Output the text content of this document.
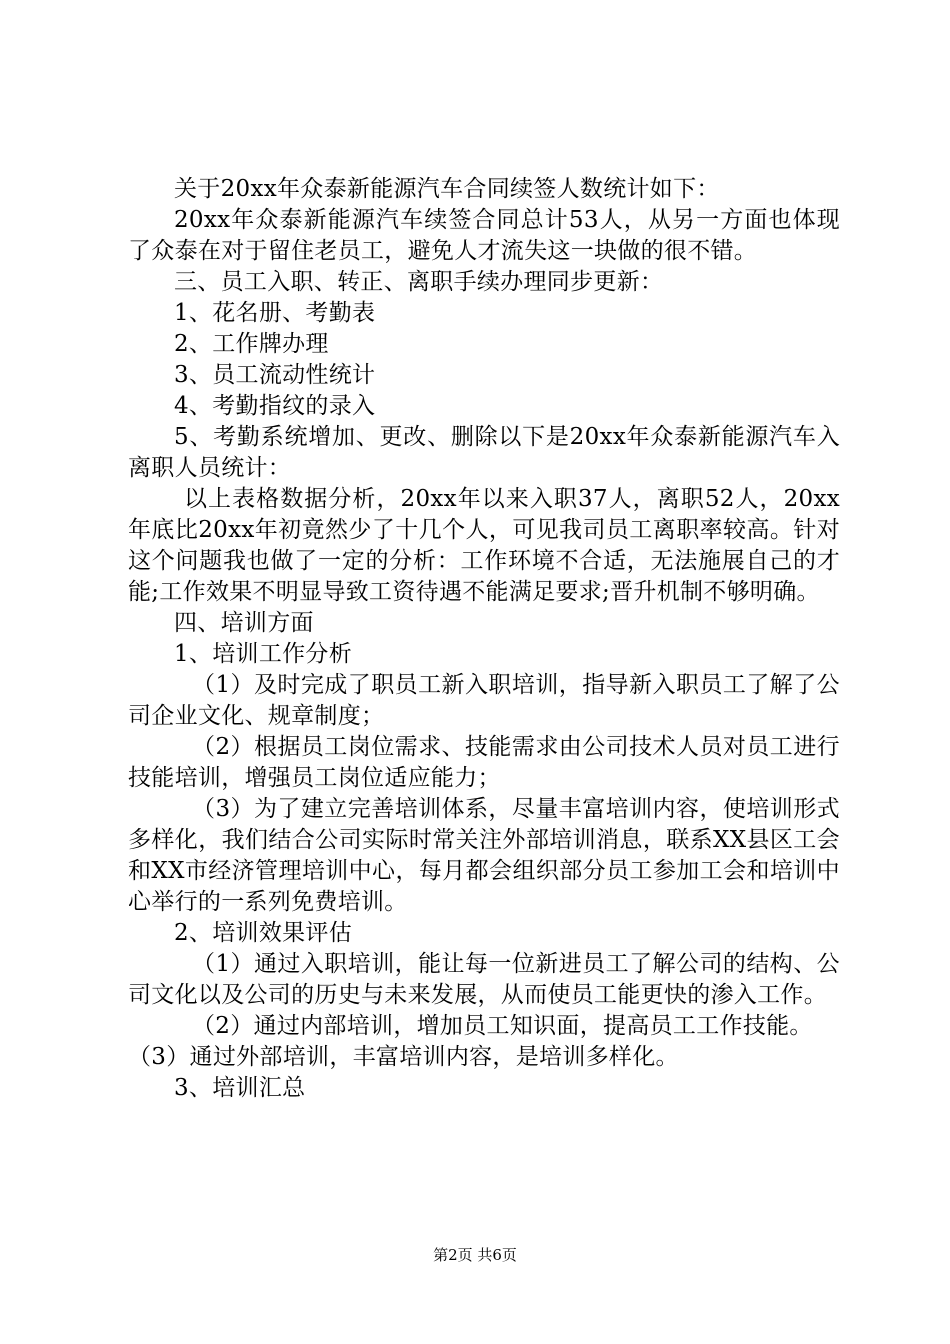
关于20xx年众泰新能源汽车合同续签人数统计如下：

20xx年众泰新能源汽车续签合同总计53人，从另一方面也体现了众泰在对于留住老员工，避免人才流失这一块做的很不错。

三、员工入职、转正、离职手续办理同步更新：

1、花名册、考勤表

2、工作牌办理

3、员工流动性统计

4、考勤指纹的录入

5、考勤系统增加、更改、删除以下是20xx年众泰新能源汽车入离职人员统计：

以上表格数据分析，20xx年以来入职37人，离职52人，20xx年底比20xx年初竟然少了十几个人，可见我司员工离职率较高。针对这个问题我也做了一定的分析：工作环境不合适，无法施展自己的才能;工作效果不明显导致工资待遇不能满足要求;晋升机制不够明确。

四、培训方面

1、培训工作分析

（1）及时完成了职员工新入职培训，指导新入职员工了解了公司企业文化、规章制度；

（2）根据员工岗位需求、技能需求由公司技术人员对员工进行技能培训，增强员工岗位适应能力；

（3）为了建立完善培训体系，尽量丰富培训内容，使培训形式多样化，我们结合公司实际时常关注外部培训消息，联系XX县区工会和XX市经济管理培训中心，每月都会组织部分员工参加工会和培训中心举行的一系列免费培训。

2、培训效果评估

（1）通过入职培训，能让每一位新进员工了解公司的结构、公司文化以及公司的历史与未来发展，从而使员工能更快的渗入工作。

（2）通过内部培训，增加员工知识面，提高员工工作技能。

（3）通过外部培训，丰富培训内容，是培训多样化。

3、培训汇总

第2页 共6页
